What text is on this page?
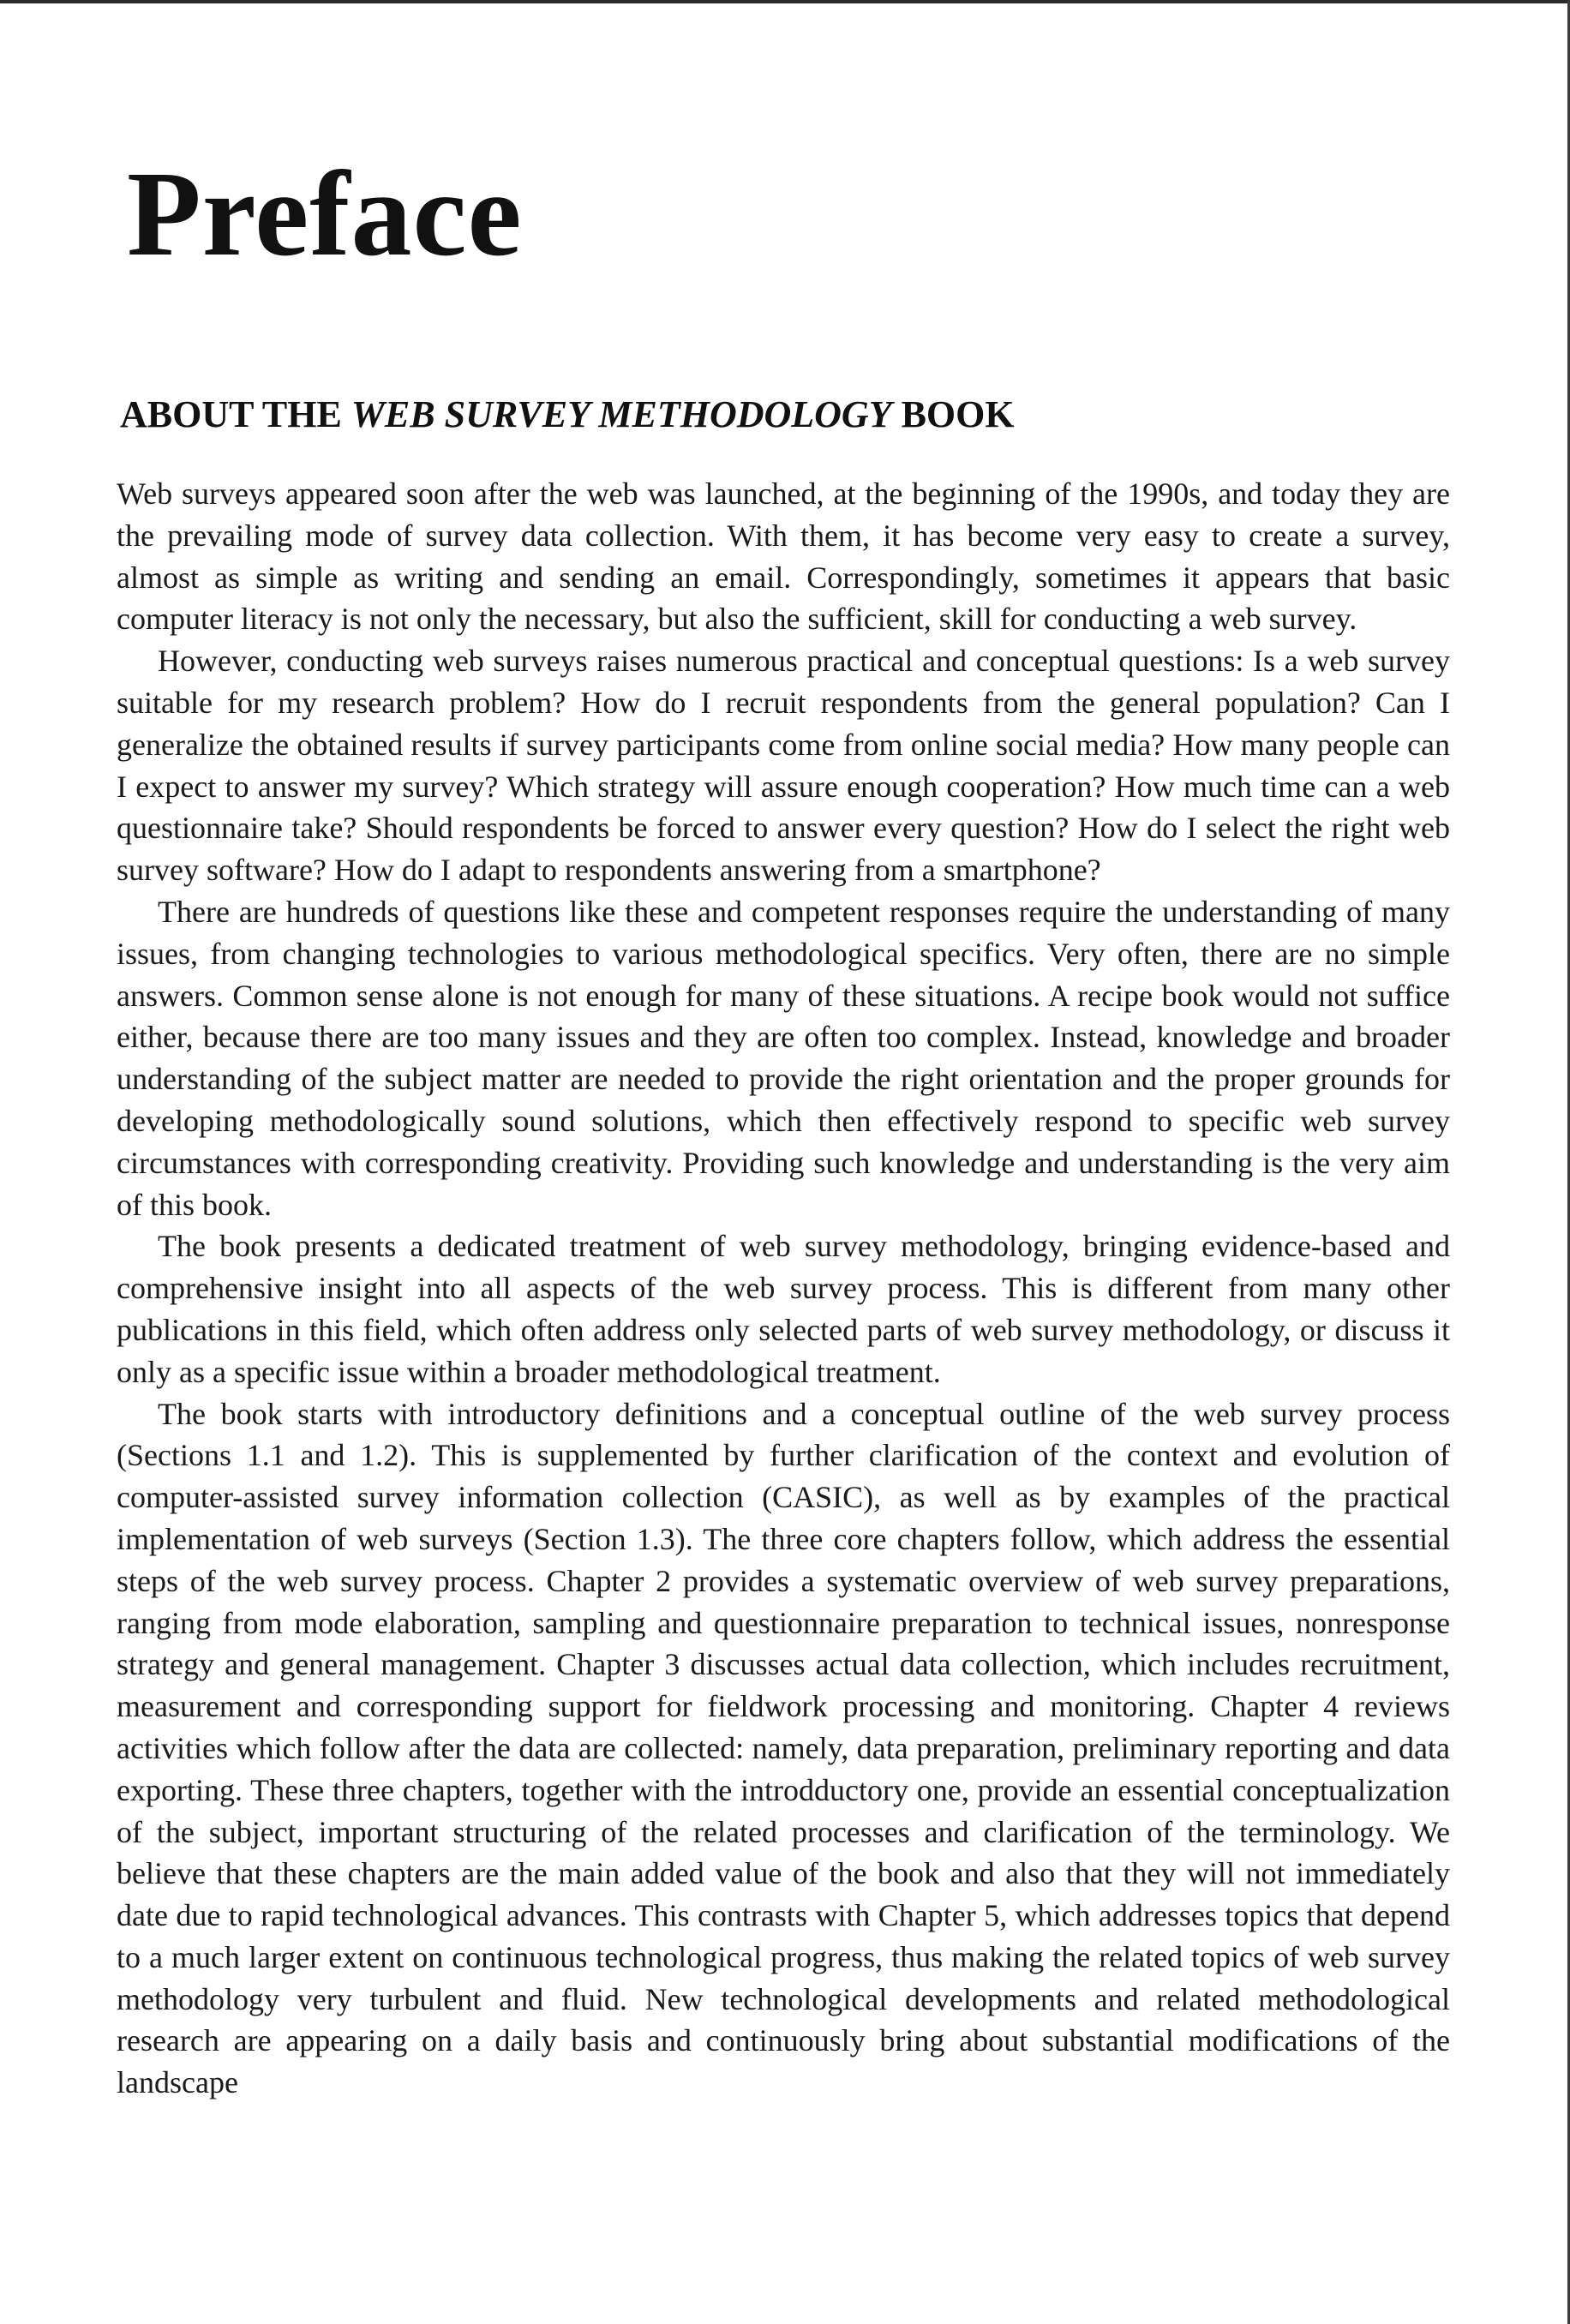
Preface
ABOUT THE WEB SURVEY METHODOLOGY BOOK

Web surveys appeared soon after the web was launched, at the beginning of the 1990s, and today they are the prevailing mode of survey data collection. With them, it has become very easy to create a survey, almost as simple as writing and sending an email. Correspondingly, sometimes it appears that basic computer literacy is not only the necessary, but also the sufficient, skill for conducting a web survey.

However, conducting web surveys raises numerous practical and conceptual questions: Is a web survey suitable for my research problem? How do I recruit respondents from the general population? Can I generalize the obtained results if survey participants come from online social media? How many people can I expect to answer my survey? Which strategy will assure enough cooperation? How much time can a web questionnaire take? Should respondents be forced to answer every question? How do I select the right web survey software? How do I adapt to respondents answering from a smartphone?

There are hundreds of questions like these and competent responses require the understanding of many issues, from changing technologies to various methodological specifics. Very often, there are no simple answers. Common sense alone is not enough for many of these situations. A recipe book would not suffice either, because there are too many issues and they are often too complex. Instead, knowledge and broader understanding of the subject matter are needed to provide the right orientation and the proper grounds for developing methodologically sound solutions, which then effectively respond to specific web survey circumstances with corresponding creativity. Providing such knowledge and understanding is the very aim of this book.

The book presents a dedicated treatment of web survey methodology, bringing evidence-based and comprehensive insight into all aspects of the web survey process. This is different from many other publications in this field, which often address only selected parts of web survey methodology, or discuss it only as a specific issue within a broader methodological treatment.

The book starts with introductory definitions and a conceptual outline of the web survey process (Sections 1.1 and 1.2). This is supplemented by further clarification of the context and evolution of computer-assisted survey information collection (CASIC), as well as by examples of the practical implementation of web surveys (Section 1.3). The three core chapters follow, which address the essential steps of the web survey process. Chapter 2 provides a systematic overview of web survey preparations, ranging from mode elaboration, sampling and questionnaire preparation to technical issues, nonresponse strategy and general management. Chapter 3 discusses actual data collection, which includes recruitment, measurement and corresponding support for fieldwork processing and monitoring. Chapter 4 reviews activities which follow after the data are collected: namely, data preparation, preliminary reporting and data exporting. These three chapters, together with the introdductory one, provide an essential conceptualization of the subject, important structuring of the related processes and clarification of the terminology. We believe that these chapters are the main added value of the book and also that they will not immediately date due to rapid technological advances. This contrasts with Chapter 5, which addresses topics that depend to a much larger extent on continuous technological progress, thus making the related topics of web survey methodology very turbulent and fluid. New technological developments and related methodological research are appearing on a daily basis and continuously bring about substantial modifications of the landscape
